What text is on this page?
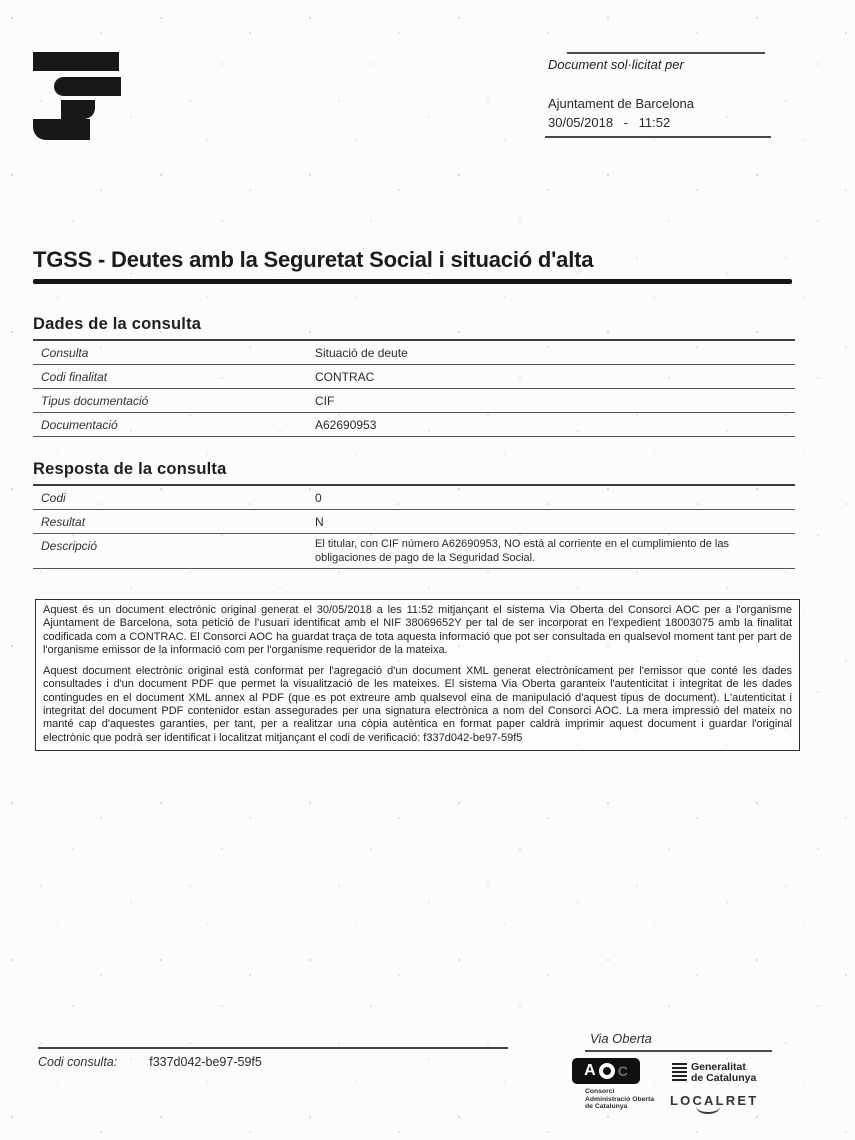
Document sol·licitat per
Ajuntament de Barcelona
30/05/2018 - 11:52
TGSS - Deutes amb la Seguretat Social i situació d'alta
Dades de la consulta
Consulta	Situació de deute
Codi finalitat	CONTRAC
Tipus documentació	CIF
Documentació	A62690953
Resposta de la consulta
Codi	0
Resultat	N
Descripció	El titular, con CIF número A62690953, NO está al corriente en el cumplimiento de las obligaciones de pago de la Seguridad Social.

Aquest és un document electrònic original generat el 30/05/2018 a les 11:52 mitjançant el sistema Via Oberta del Consorci AOC per a l'organisme Ajuntament de Barcelona, sota petició de l'usuari identificat amb el NIF 38069652Y per tal de ser incorporat en l'expedient 18003075 amb la finalitat codificada com a CONTRAC. El Consorci AOC ha guardat traça de tota aquesta informació que pot ser consultada en qualsevol moment tant per part de l'organisme emissor de la informació com per l'organisme requeridor de la mateixa.

Aquest document electrònic original està conformat per l'agregació d'un document XML generat electrònicament per l'emissor que conté les dades consultades i d'un document PDF que permet la visualització de les mateixes. El sistema Via Oberta garanteix l'autenticitat i integritat de les dades contingudes en el document XML annex al PDF (que es pot extreure amb qualsevol eina de manipulació d'aquest tipus de document). L'autenticitat i integritat del document PDF contenidor estan assegurades per una signatura electrònica a nom del Consorci AOC. La mera impressió del mateix no manté cap d'aquestes garanties, per tant, per a realitzar una còpia autèntica en format paper caldrà imprimir aquest document i guardar l'original electrònic que podrà ser identificat i localitzat mitjançant el codi de verificació: f337d042-be97-59f5

Codi consulta:	f337d042-be97-59f5
Via Oberta
A C
Consorci
Administració Oberta
de Catalunya
Generalitat
de Catalunya
LOCALRET
